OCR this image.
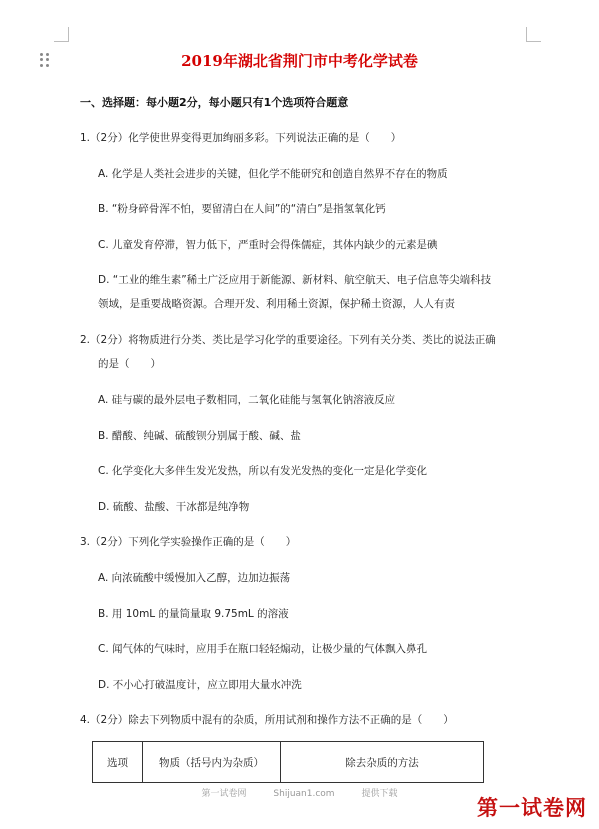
2019年湖北省荆门市中考化学试卷
一、选择题：每小题2分，每小题只有1个选项符合题意
1.（2分）化学使世界变得更加绚丽多彩。下列说法正确的是（　　）
A. 化学是人类社会进步的关键，但化学不能研究和创造自然界不存在的物质
B. “粉身碎骨浑不怕，要留清白在人间”的“清白”是指氢氧化钙
C. 儿童发育停滞，智力低下，严重时会得侏儒症，其体内缺少的元素是碘
D. “工业的维生素”稀土广泛应用于新能源、新材料、航空航天、电子信息等尖端科技
领域，是重要战略资源。合理开发、利用稀土资源，保护稀土资源，人人有责
2.（2分）将物质进行分类、类比是学习化学的重要途径。下列有关分类、类比的说法正确
的是（　　）
A. 硅与碳的最外层电子数相同，二氧化硅能与氢氧化钠溶液反应
B. 醋酸、纯碱、硫酸钡分别属于酸、碱、盐
C. 化学变化大多伴生发光发热，所以有发光发热的变化一定是化学变化
D. 硫酸、盐酸、干冰都是纯净物
3.（2分）下列化学实验操作正确的是（　　）
A. 向浓硫酸中缓慢加入乙醇，边加边振荡
B. 用 10mL 的量筒量取 9.75mL 的溶液
C. 闻气体的气味时，应用手在瓶口轻轻煽动，让极少量的气体飘入鼻孔
D. 不小心打破温度计，应立即用大量水冲洗
4.（2分）除去下列物质中混有的杂质，所用试剂和操作方法不正确的是（　　）
选项	物质（括号内为杂质）	除去杂质的方法
第一试卷网	Shijuan1.com	提供下载
第一试卷网
